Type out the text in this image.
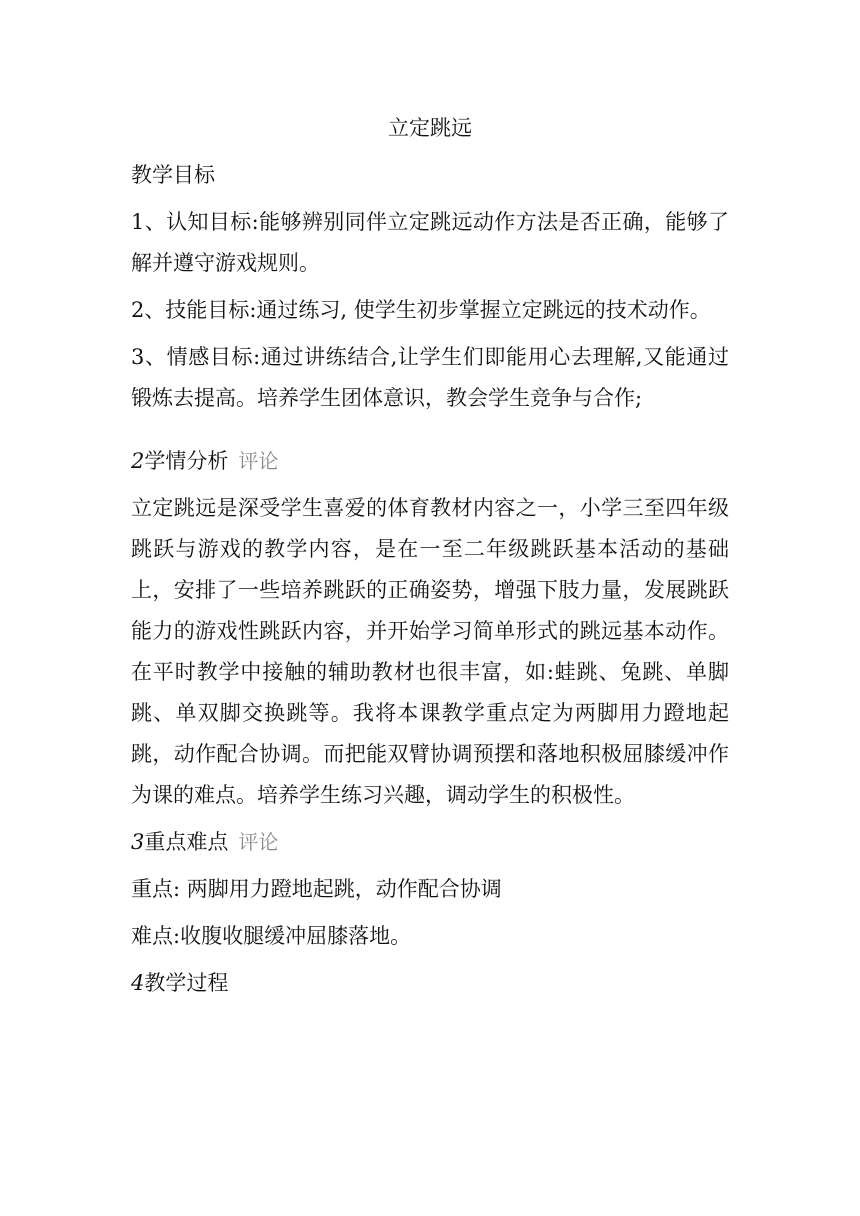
立定跳远
教学目标
1、认知目标:能够辨别同伴立定跳远动作方法是否正确，能够了解并遵守游戏规则。
2、技能目标:通过练习, 使学生初步掌握立定跳远的技术动作。
3、情感目标:通过讲练结合,让学生们即能用心去理解,又能通过锻炼去提高。培养学生团体意识，教会学生竞争与合作;
2学情分析 评论
立定跳远是深受学生喜爱的体育教材内容之一，小学三至四年级跳跃与游戏的教学内容，是在一至二年级跳跃基本活动的基础上，安排了一些培养跳跃的正确姿势，增强下肢力量，发展跳跃能力的游戏性跳跃内容，并开始学习简单形式的跳远基本动作。在平时教学中接触的辅助教材也很丰富，如:蛙跳、兔跳、单脚跳、单双脚交换跳等。我将本课教学重点定为两脚用力蹬地起跳，动作配合协调。而把能双臂协调预摆和落地积极屈膝缓冲作为课的难点。培养学生练习兴趣，调动学生的积极性。
3重点难点 评论
重点: 两脚用力蹬地起跳，动作配合协调
难点:收腹收腿缓冲屈膝落地。
4教学过程
